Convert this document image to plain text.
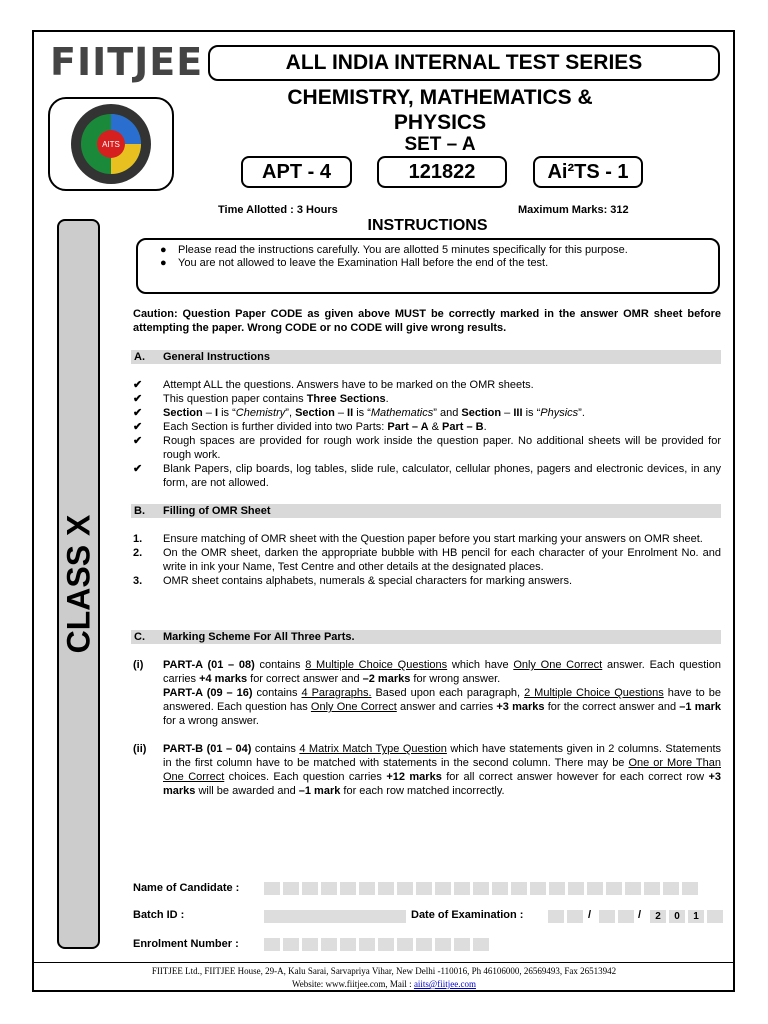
FIITJEE	ALL INDIA INTERNAL TEST SERIES
AITS
CHEMISTRY, MATHEMATICS &
PHYSICS
SET – A
APT - 4	121822	Ai²TS - 1
Time Allotted : 3 Hours	Maximum Marks: 312
INSTRUCTIONS
CLASS X
●	Please read the instructions carefully. You are allotted 5 minutes specifically for this purpose.
●	You are not allowed to leave the Examination Hall before the end of the test.
Caution: Question Paper CODE as given above MUST be correctly marked in the answer OMR sheet before attempting the paper. Wrong CODE or no CODE will give wrong results.
A. General Instructions
✔	Attempt ALL the questions. Answers have to be marked on the OMR sheets.
✔	This question paper contains Three Sections.
✔	Section – I is “Chemistry”, Section – II is “Mathematics” and Section – III is “Physics”.
✔	Each Section is further divided into two Parts: Part – A & Part – B.
✔	Rough spaces are provided for rough work inside the question paper. No additional sheets will be provided for rough work.
✔	Blank Papers, clip boards, log tables, slide rule, calculator, cellular phones, pagers and electronic devices, in any form, are not allowed.
B. Filling of OMR Sheet
1.	Ensure matching of OMR sheet with the Question paper before you start marking your answers on OMR sheet.
2.	On the OMR sheet, darken the appropriate bubble with HB pencil for each character of your Enrolment No. and write in ink your Name, Test Centre and other details at the designated places.
3.	OMR sheet contains alphabets, numerals & special characters for marking answers.
C. Marking Scheme For All Three Parts.
(i)	PART-A (01 – 08) contains 8 Multiple Choice Questions which have Only One Correct answer. Each question carries +4 marks for correct answer and –2 marks for wrong answer.
PART-A (09 – 16) contains 4 Paragraphs. Based upon each paragraph, 2 Multiple Choice Questions have to be answered. Each question has Only One Correct answer and carries +3 marks for the correct answer and –1 mark for a wrong answer.
(ii)	PART-B (01 – 04) contains 4 Matrix Match Type Question which have statements given in 2 columns. Statements in the first column have to be matched with statements in the second column. There may be One or More Than One Correct choices. Each question carries +12 marks for all correct answer however for each correct row +3 marks will be awarded and –1 mark for each row matched incorrectly.
Name of Candidate :
Batch ID :	Date of Examination :	/	/	2	0	1
Enrolment Number :
FIITJEE Ltd., FIITJEE House, 29-A, Kalu Sarai, Sarvapriya Vihar, New Delhi -110016, Ph 46106000, 26569493, Fax 26513942
Website: www.fiitjee.com, Mail : aiits@fiitjee.com
